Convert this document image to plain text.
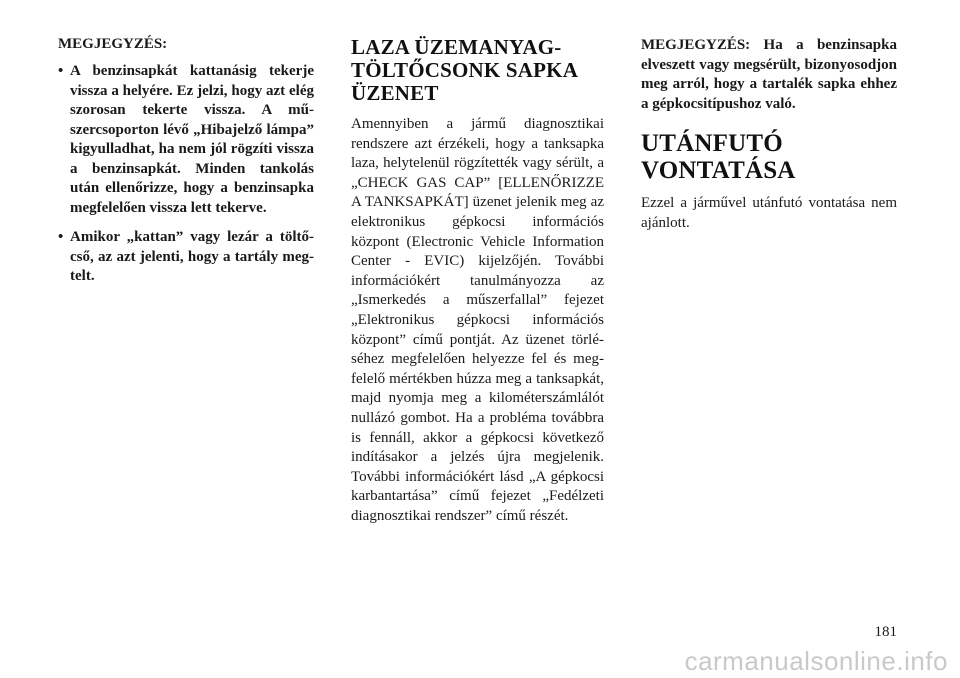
MEGJEGYZÉS:

• A benzinsapkát kattanásig tekerje vissza a helyére. Ez jelzi, hogy azt elég szorosan tekerte vissza. A műszercsoporton lévő „Hibajelző lámpa” kigyulladhat, ha nem jól rögzíti vissza a benzinsapkát. Minden tankolás után ellenőrizze, hogy a benzinsapka megfelelően vissza lett tekerve.
• Amikor „kattan” vagy lezár a töltőcső, az azt jelenti, hogy a tartály megtelt.
LAZA ÜZEMANYAG-TÖLTŐCSONK SAPKA ÜZENET

Amennyiben a jármű diagnosztikai rendszere azt érzékeli, hogy a tanksapka laza, helytelenül rögzítették vagy sérült, a „CHECK GAS CAP” [ELLENŐRIZZE A TANKSAPKÁT] üzenet jelenik meg az elektronikus gépkocsi információs központ (Electronic Vehicle Information Center - EVIC) kijelzőjén. További információkért tanulmányozza az „Ismerkedés a műszerfallal” fejezet „Elektronikus gépkocsi információs központ” című pontját. Az üzenet törléséhez megfelelően helyezze fel és megfelelő mértékben húzza meg a tanksapkát, majd nyomja meg a kilométerszámlálót nullázó gombot. Ha a probléma továbbra is fennáll, akkor a gépkocsi következő indításakor a jelzés újra megjelenik. További információkért lásd „A gépkocsi karbantartása” című fejezet „Fedélzeti diagnosztikai rendszer” című részét.

MEGJEGYZÉS: Ha a benzinsapka elveszett vagy megsérült, bizonyosodjon meg arról, hogy a tartalék sapka ehhez a gépkocsitípushoz való.

UTÁNFUTÓ VONTATÁSA

Ezzel a járművel utánfutó vontatása nem ajánlott.

181
carmanualsonline.info
